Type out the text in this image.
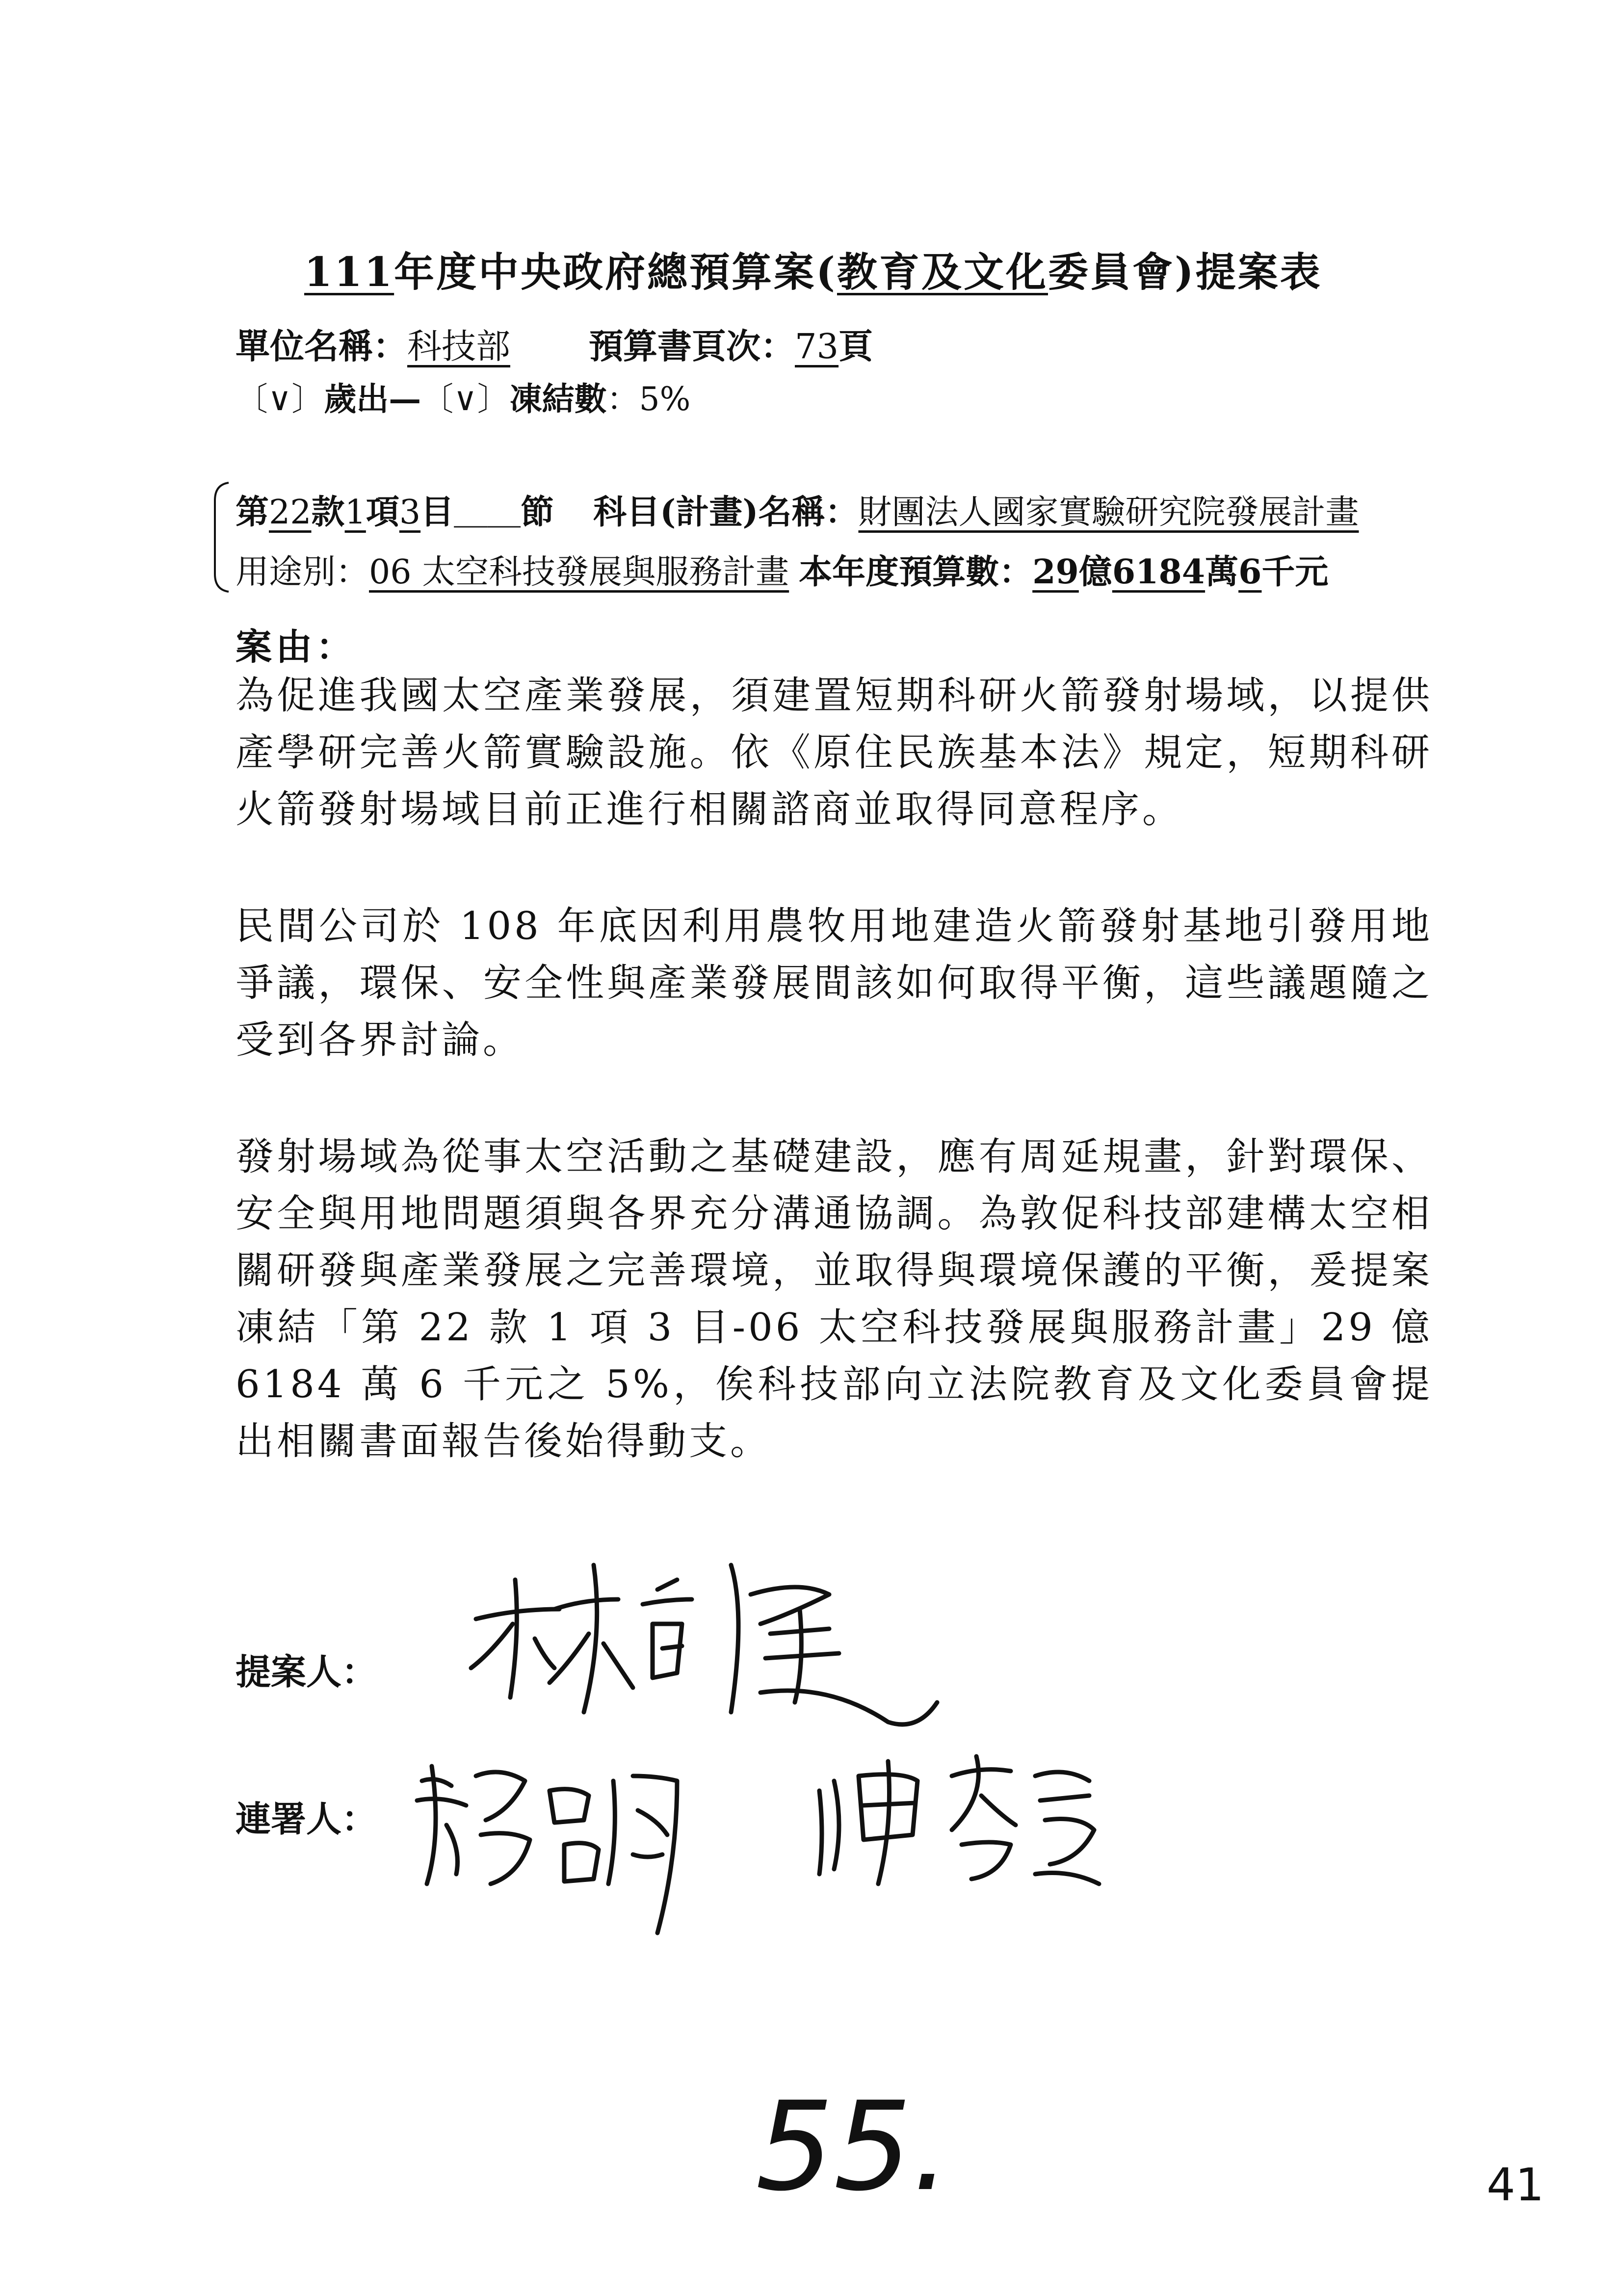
111年度中央政府總預算案(教育及文化委員會)提案表
單位名稱：科技部 預算書頁次：73頁
〔∨〕歲出—〔∨〕凍結數：5%
第22款1項3目＿＿節 科目(計畫)名稱：財團法人國家實驗研究院發展計畫
用途別：06 太空科技發展與服務計畫 本年度預算數：29億6184萬6千元
案由：
為促進我國太空產業發展，須建置短期科研火箭發射場域，以提供產學研完善火箭實驗設施。依《原住民族基本法》規定，短期科研火箭發射場域目前正進行相關諮商並取得同意程序。
民間公司於 108 年底因利用農牧用地建造火箭發射基地引發用地爭議，環保、安全性與產業發展間該如何取得平衡，這些議題隨之受到各界討論。
發射場域為從事太空活動之基礎建設，應有周延規畫，針對環保、安全與用地問題須與各界充分溝通協調。為敦促科技部建構太空相關研發與產業發展之完善環境，並取得與環境保護的平衡，爰提案凍結「第 22 款 1 項 3 目-06 太空科技發展與服務計畫」29 億 6184 萬 6 千元之 5%，俟科技部向立法院教育及文化委員會提出相關書面報告後始得動支。
提案人：
連署人：
55.	41
